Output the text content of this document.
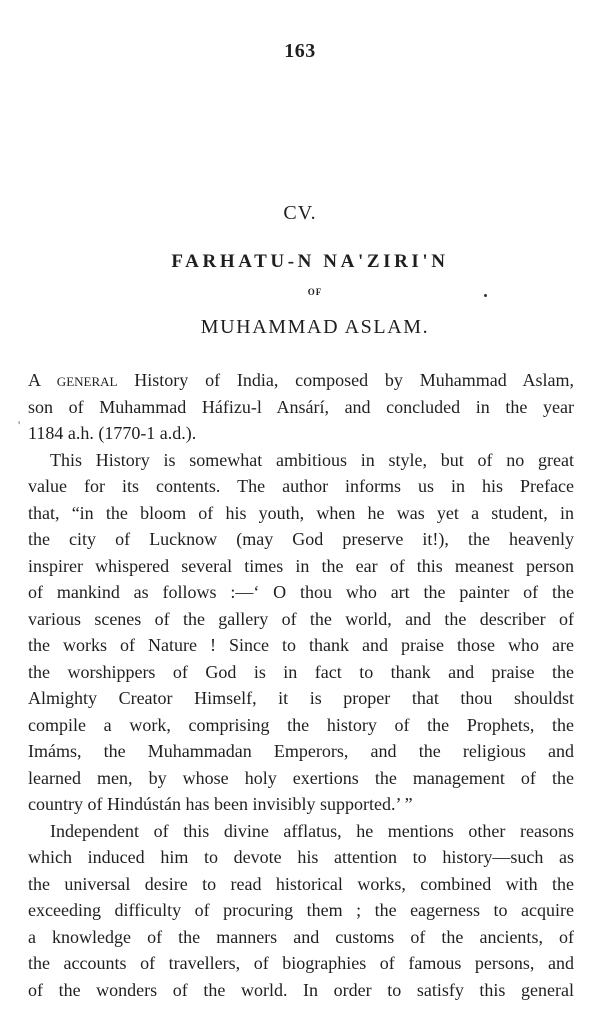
163
CV.
FARHATU-N NA'ZIRI'N
OF
MUHAMMAD ASLAM.
'
A general History of India, composed by Muhammad Aslam,
son of Muhammad Háfizu-l Ansárí, and concluded in the year
1184 a.h. (1770-1 a.d.).
This History is somewhat ambitious in style, but of no great
value for its contents. The author informs us in his Preface
that, “in the bloom of his youth, when he was yet a student, in
the city of Lucknow (may God preserve it!), the heavenly
inspirer whispered several times in the ear of this meanest person
of mankind as follows :—‘ O thou who art the painter of the
various scenes of the gallery of the world, and the describer of
the works of Nature ! Since to thank and praise those who are
the worshippers of God is in fact to thank and praise the
Almighty Creator Himself, it is proper that thou shouldst
compile a work, comprising the history of the Prophets, the
Imáms, the Muhammadan Emperors, and the religious and
learned men, by whose holy exertions the management of the
country of Hindústán has been invisibly supported.’ ”
Independent of this divine afflatus, he mentions other reasons
which induced him to devote his attention to history—such as
the universal desire to read historical works, combined with the
exceeding difficulty of procuring them ; the eagerness to acquire
a knowledge of the manners and customs of the ancients, of
the accounts of travellers, of biographies of famous persons, and
of the wonders of the world. In order to satisfy this general
